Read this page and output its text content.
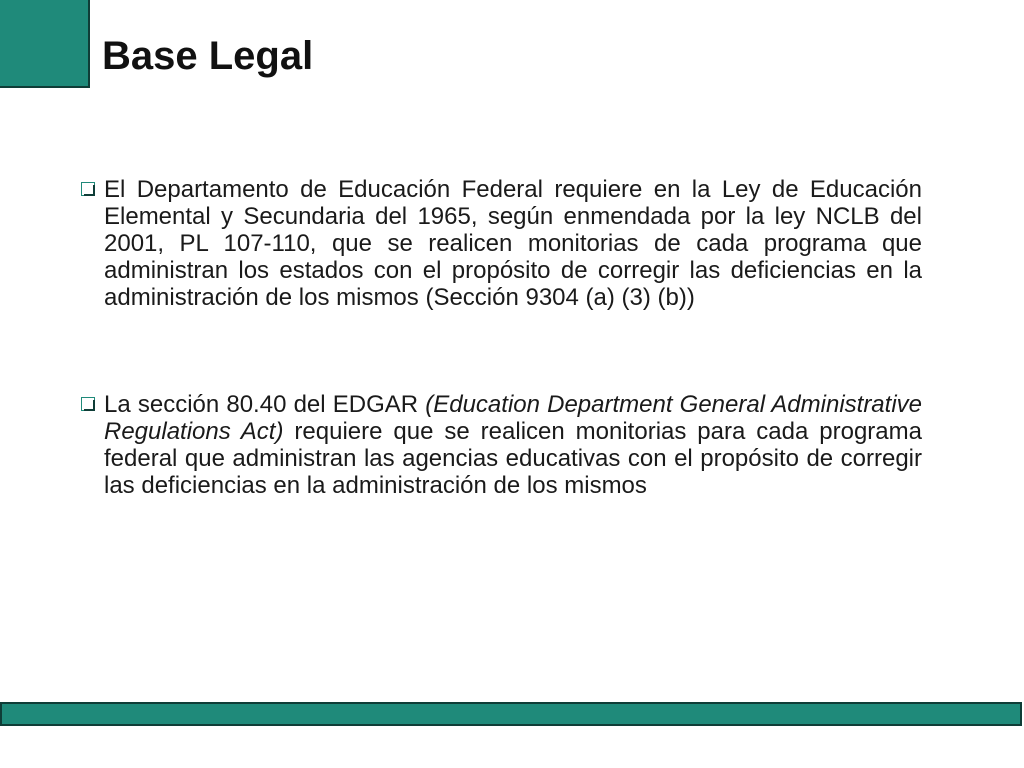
Base Legal
El Departamento de Educación Federal requiere en la Ley de Educación Elemental y Secundaria del 1965, según enmendada por la ley NCLB del 2001, PL 107-110, que se realicen monitorias de cada programa que administran los estados con el propósito de corregir las deficiencias en la administración de los mismos (Sección 9304 (a) (3) (b))
La sección 80.40 del EDGAR (Education Department General Administrative Regulations Act) requiere que se realicen monitorias para cada programa federal que administran las agencias educativas con el propósito de corregir las deficiencias en la administración de los mismos
